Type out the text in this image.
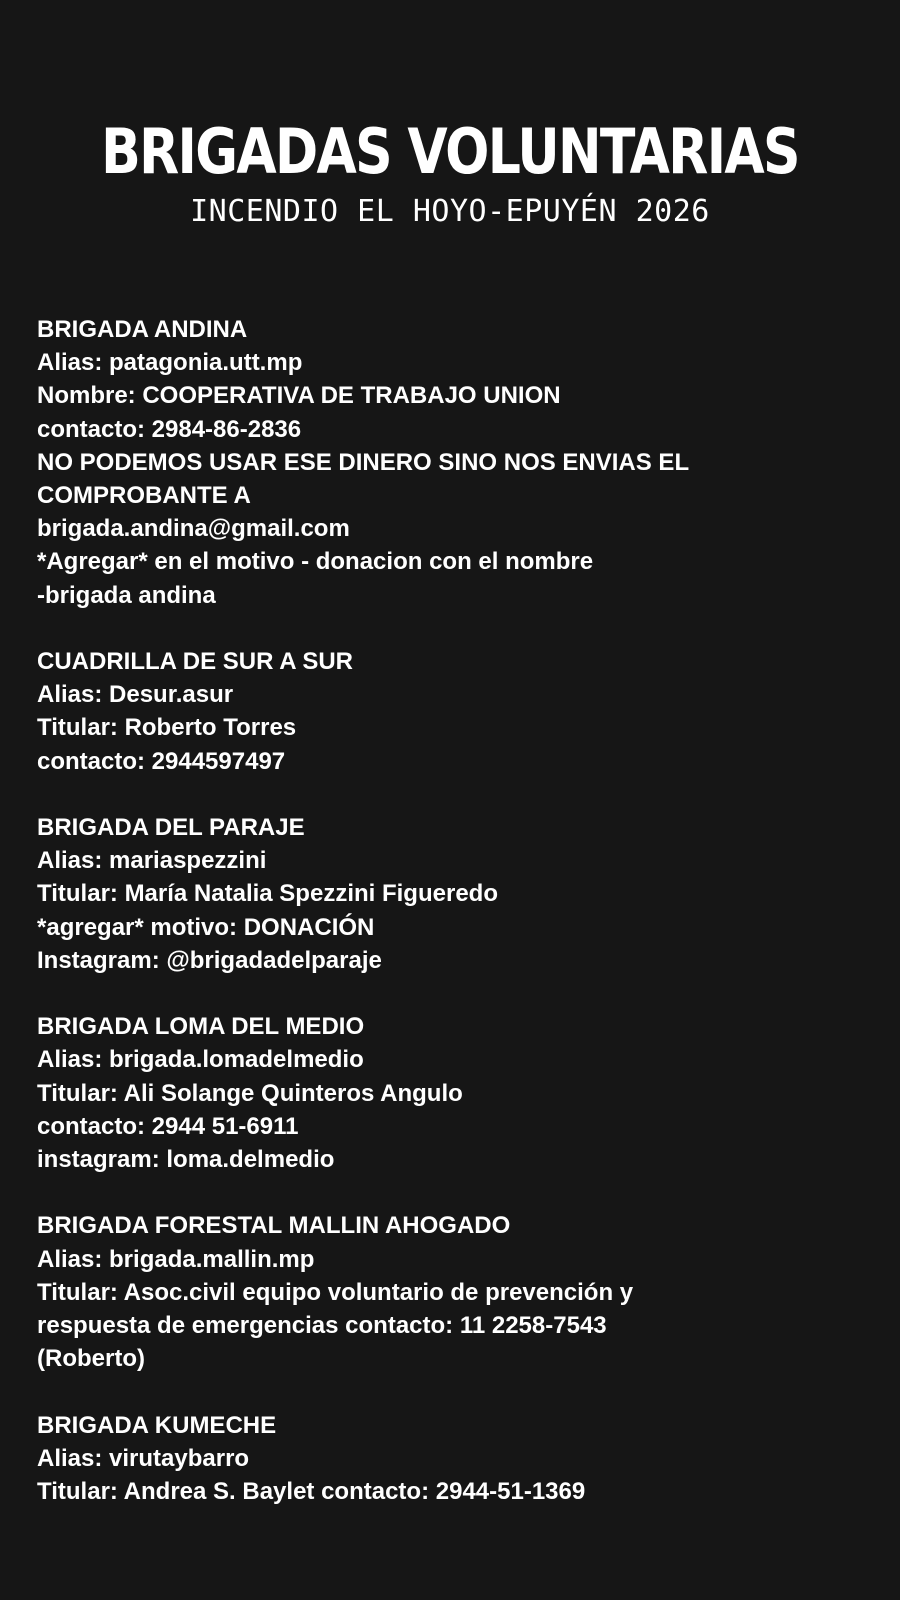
BRIGADAS VOLUNTARIAS
INCENDIO EL HOYO-EPUYÉN 2026
BRIGADA ANDINA
Alias: patagonia.utt.mp
Nombre: COOPERATIVA DE TRABAJO UNION
contacto: 2984-86-2836
NO PODEMOS USAR ESE DINERO SINO NOS ENVIAS EL
COMPROBANTE A
brigada.andina@gmail.com
*Agregar* en el motivo - donacion con el nombre
-brigada andina
CUADRILLA DE SUR A SUR
Alias: Desur.asur
Titular: Roberto Torres
contacto: 2944597497
BRIGADA DEL PARAJE
Alias: mariaspezzini
Titular: María Natalia Spezzini Figueredo
*agregar* motivo: DONACIÓN
Instagram: @brigadadelparaje
BRIGADA LOMA DEL MEDIO
Alias: brigada.lomadelmedio
Titular: Ali Solange Quinteros Angulo
contacto: 2944 51-6911
instagram: loma.delmedio
BRIGADA FORESTAL MALLIN AHOGADO
Alias: brigada.mallin.mp
Titular: Asoc.civil equipo voluntario de prevención y
respuesta de emergencias contacto: 11 2258-7543
(Roberto)
BRIGADA KUMECHE
Alias: virutaybarro
Titular: Andrea S. Baylet contacto: 2944-51-1369
